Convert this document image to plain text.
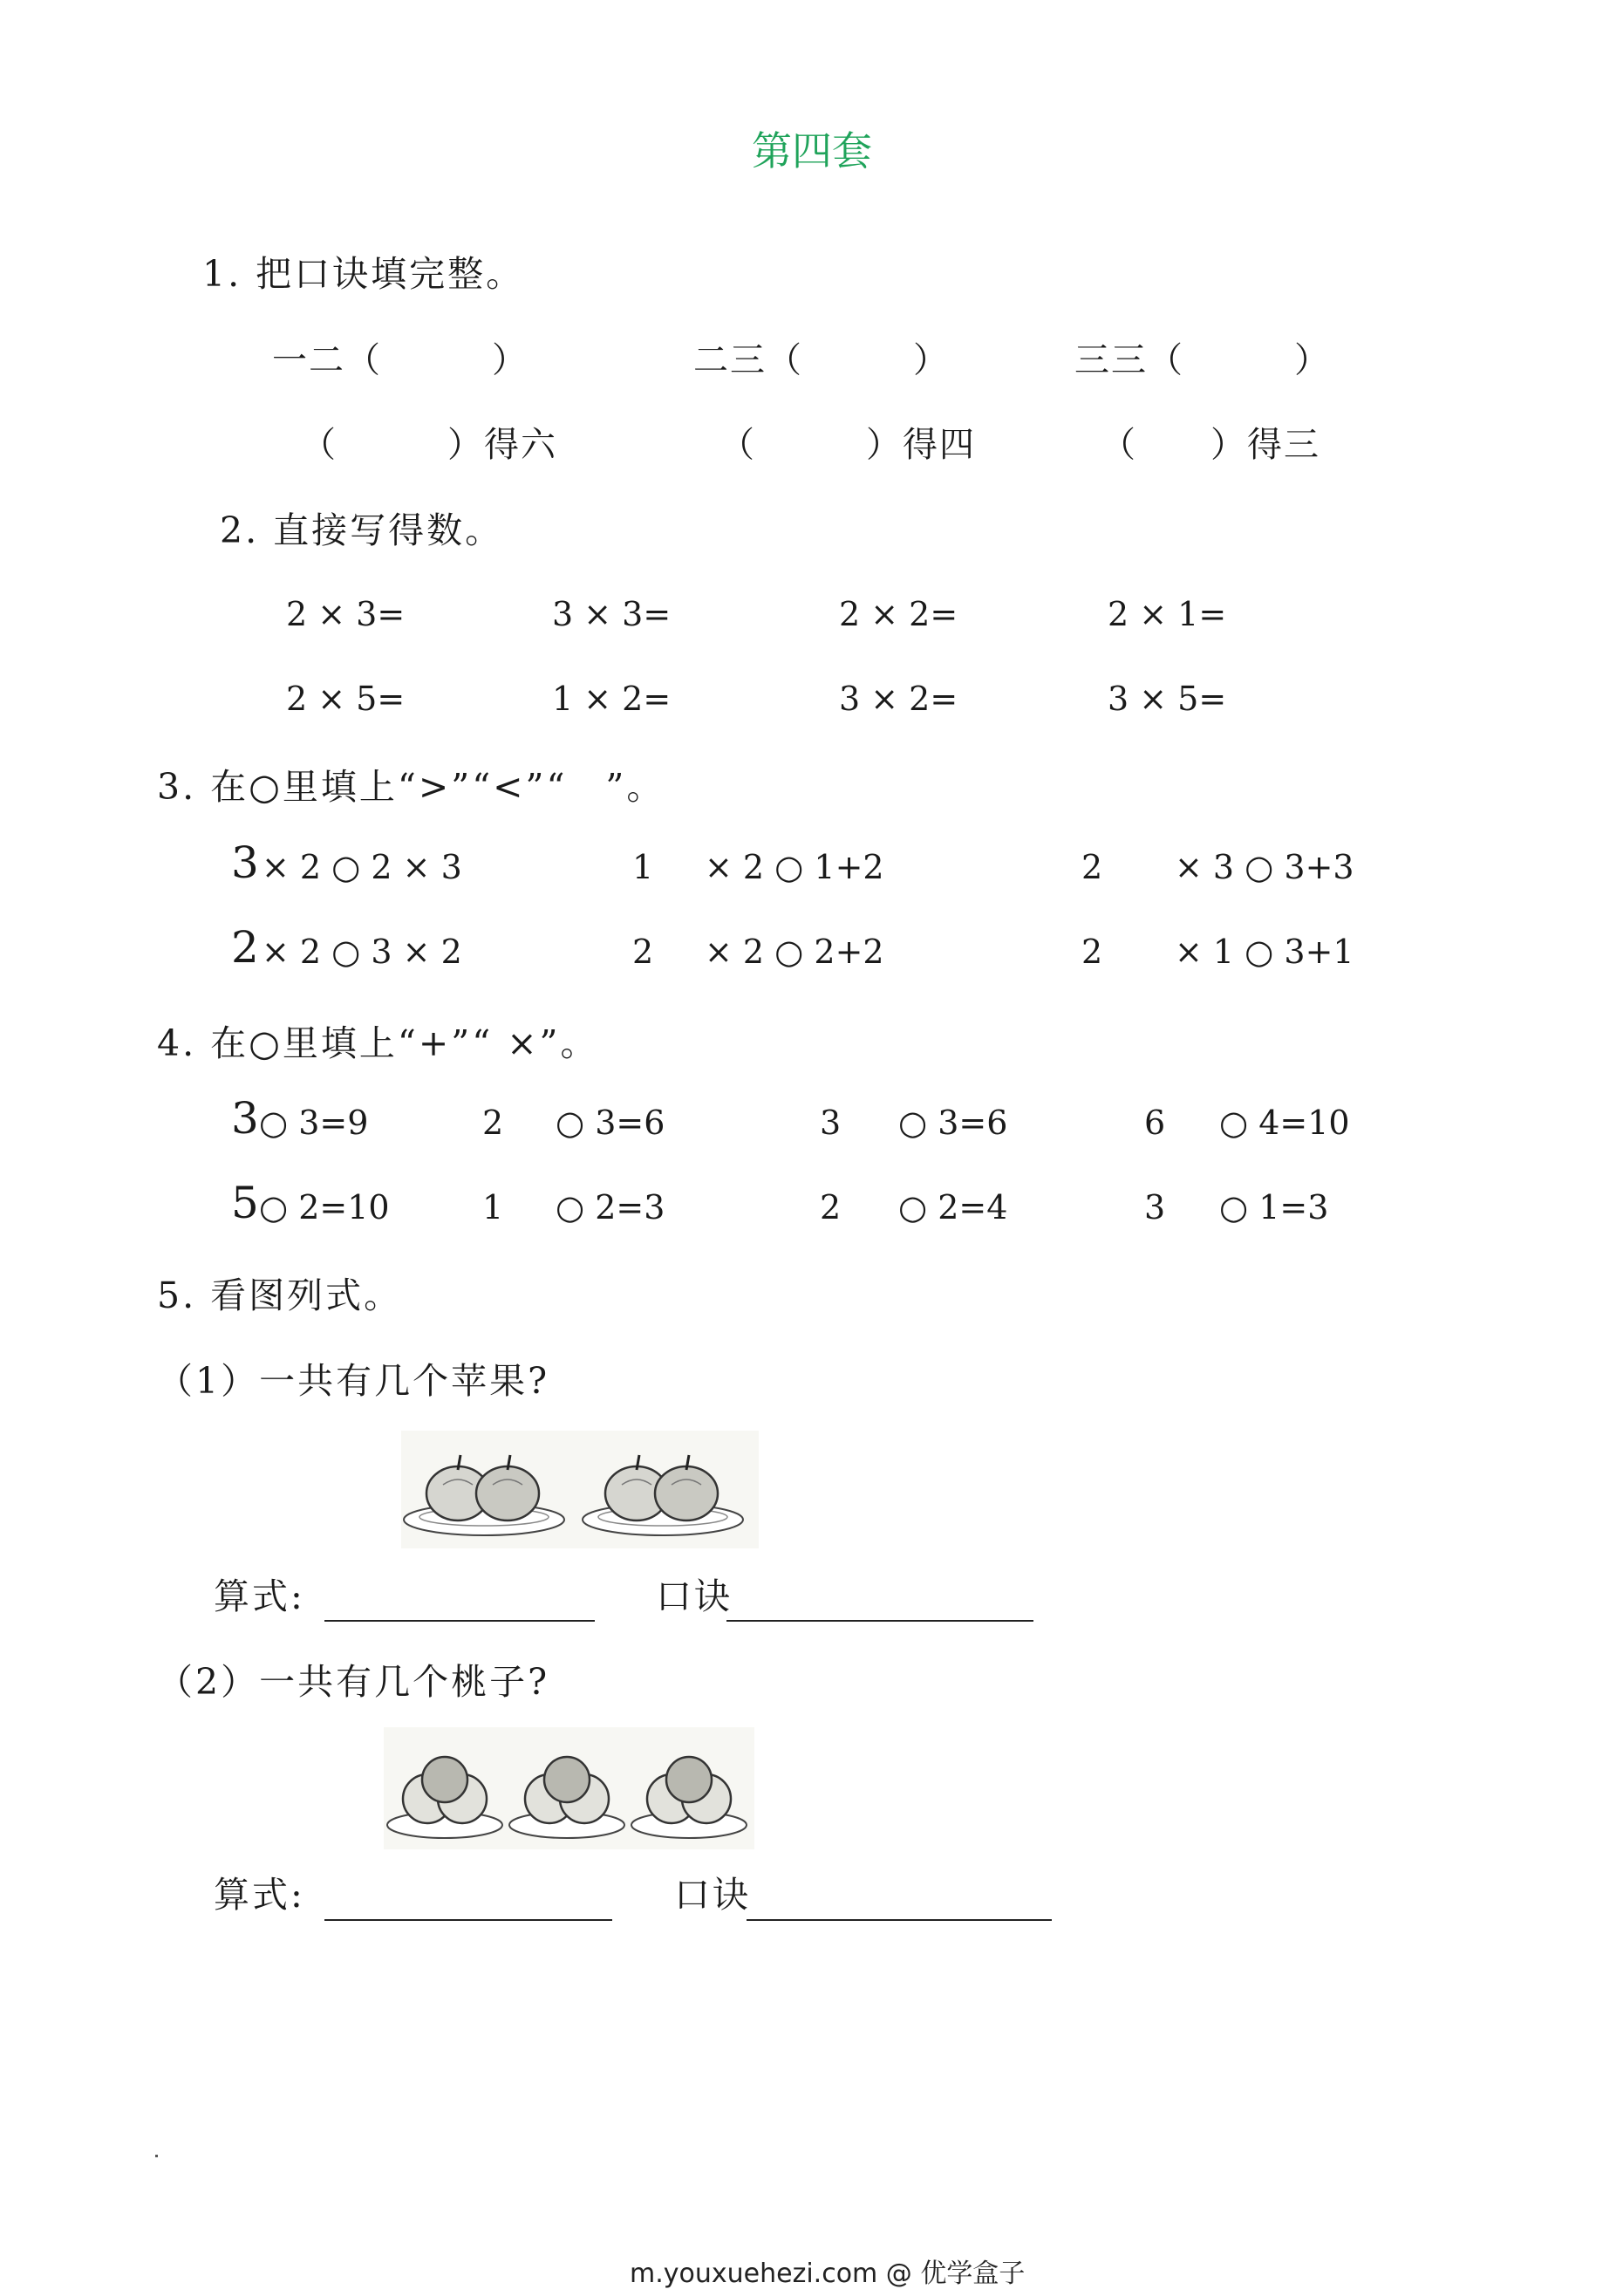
第四套
1. 把口诀填完整。
一二（　　　）	二三（　　　）	三三（　　　）
（　　　）得六	（　　　）得四	（　　）得三
2. 直接写得数。
2 × 3=	3 × 3=	2 × 2=	2 × 1=
2 × 5=	1 × 2=	3 × 2=	3 × 5=
3. 在○里填上“>”“<”“　”。
3 × 2 ○ 2 × 3	1 × 2 ○ 1+2	2 × 3 ○ 3+3
2 × 2 ○ 3 × 2	2 × 2 ○ 2+2	2 × 1 ○ 3+1
4. 在○里填上“+”“ ×”。
3 ○ 3=9	2 ○ 3=6	3 ○ 3=6	6 ○ 4=10
5 ○ 2=10	1 ○ 2=3	2 ○ 2=4	3 ○ 1=3
5. 看图列式。
（1）一共有几个苹果?
算式:	口诀
（2）一共有几个桃子?
算式:	口诀
m.youxuehezi.com @ 优学盒子
